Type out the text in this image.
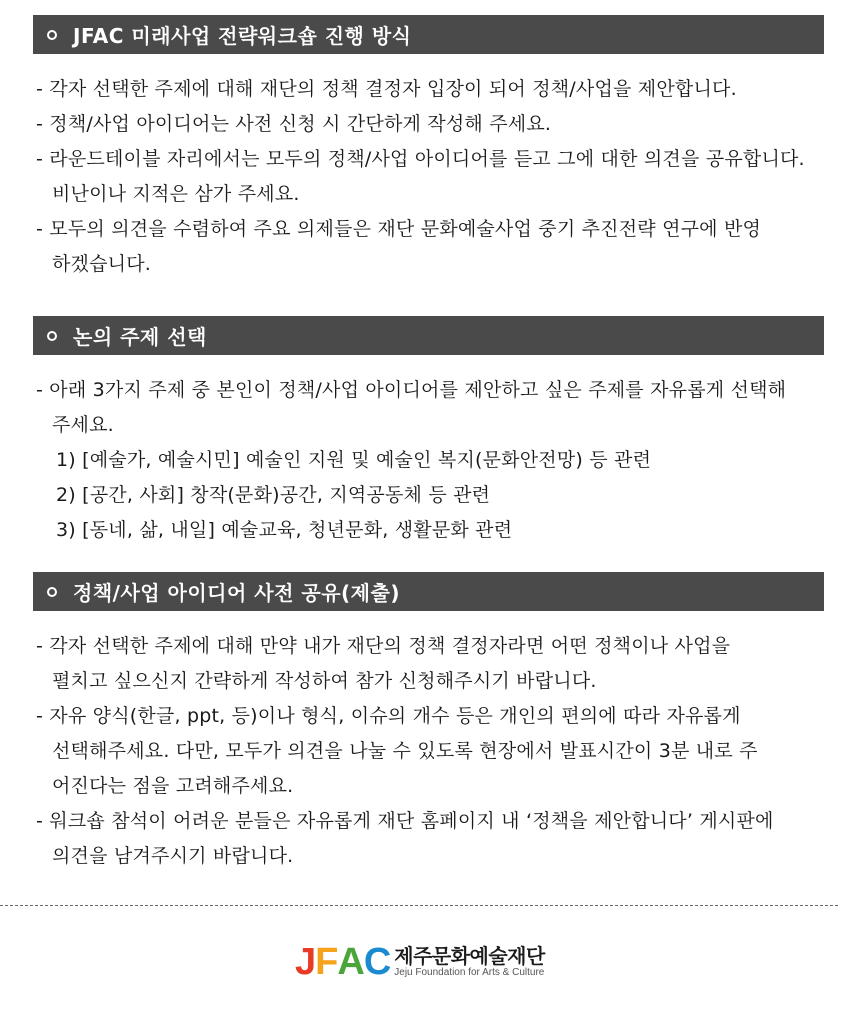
JFAC 미래사업 전략워크숍 진행 방식
- 각자 선택한 주제에 대해 재단의 정책 결정자 입장이 되어 정책/사업을 제안합니다.
- 정책/사업 아이디어는 사전 신청 시 간단하게 작성해 주세요.
- 라운드테이블 자리에서는 모두의 정책/사업 아이디어를 듣고 그에 대한 의견을 공유합니다.
비난이나 지적은 삼가 주세요.
- 모두의 의견을 수렴하여 주요 의제들은 재단 문화예술사업 중기 추진전략 연구에 반영
하겠습니다.
논의 주제 선택
- 아래 3가지 주제 중 본인이 정책/사업 아이디어를 제안하고 싶은 주제를 자유롭게 선택해
주세요.
1) [예술가, 예술시민] 예술인 지원 및 예술인 복지(문화안전망) 등 관련
2) [공간, 사회] 창작(문화)공간, 지역공동체 등 관련
3) [동네, 삶, 내일] 예술교육, 청년문화, 생활문화 관련
정책/사업 아이디어 사전 공유(제출)
- 각자 선택한 주제에 대해 만약 내가 재단의 정책 결정자라면 어떤 정책이나 사업을
펼치고 싶으신지 간략하게 작성하여 참가 신청해주시기 바랍니다.
- 자유 양식(한글, ppt, 등)이나 형식, 이슈의 개수 등은 개인의 편의에 따라 자유롭게
선택해주세요. 다만, 모두가 의견을 나눌 수 있도록 현장에서 발표시간이 3분 내로 주
어진다는 점을 고려해주세요.
- 워크숍 참석이 어려운 분들은 자유롭게 재단 홈페이지 내 ‘정책을 제안합니다’ 게시판에
의견을 남겨주시기 바랍니다.
J F A C 제주문화예술재단
Jeju Foundation for Arts & Culture
